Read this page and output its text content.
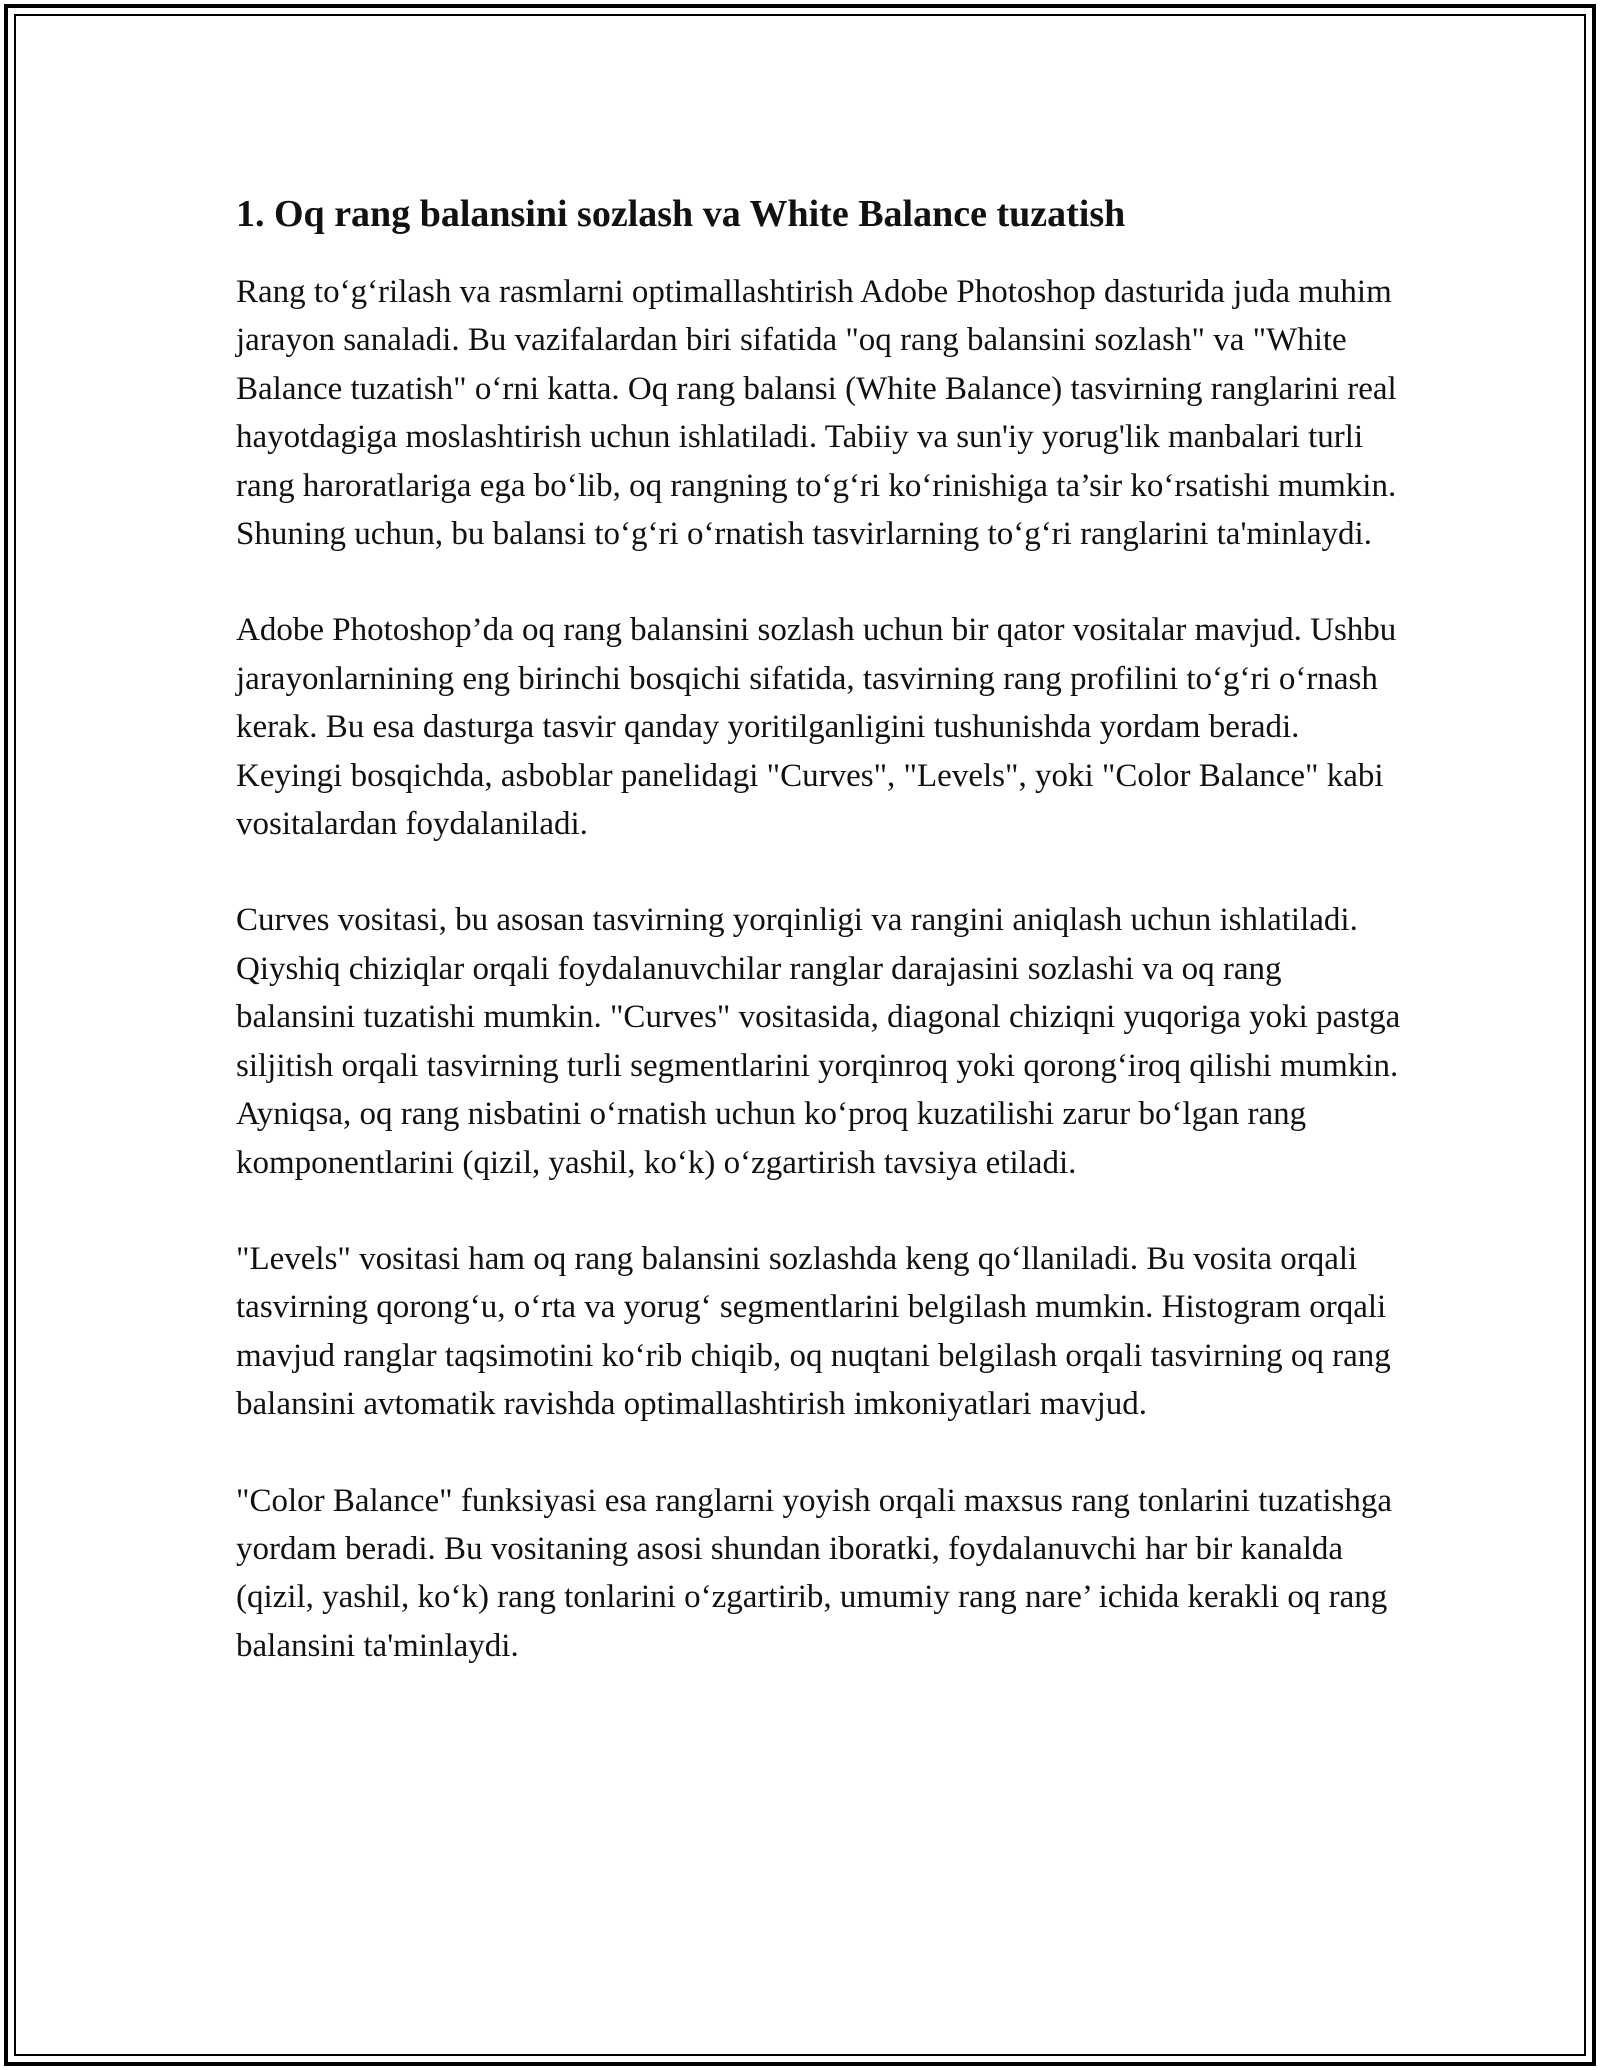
1. Oq rang balansini sozlash va White Balance tuzatish

Rang to‘g‘rilash va rasmlarni optimallashtirish Adobe Photoshop dasturida juda muhim jarayon sanaladi. Bu vazifalardan biri sifatida "oq rang balansini sozlash" va "White Balance tuzatish" o‘rni katta. Oq rang balansi (White Balance) tasvirning ranglarini real hayotdagiga moslashtirish uchun ishlatiladi. Tabiiy va sun'iy yorug'lik manbalari turli rang haroratlariga ega bo‘lib, oq rangning to‘g‘ri ko‘rinishiga ta’sir ko‘rsatishi mumkin. Shuning uchun, bu balansi to‘g‘ri o‘rnatish tasvirlarning to‘g‘ri ranglarini ta'minlaydi.

Adobe Photoshop’da oq rang balansini sozlash uchun bir qator vositalar mavjud. Ushbu jarayonlarnining eng birinchi bosqichi sifatida, tasvirning rang profilini to‘g‘ri o‘rnash kerak. Bu esa dasturga tasvir qanday yoritilganligini tushunishda yordam beradi. Keyingi bosqichda, asboblar panelidagi "Curves", "Levels", yoki "Color Balance" kabi vositalardan foydalaniladi.

Curves vositasi, bu asosan tasvirning yorqinligi va rangini aniqlash uchun ishlatiladi. Qiyshiq chiziqlar orqali foydalanuvchilar ranglar darajasini sozlashi va oq rang balansini tuzatishi mumkin. "Curves" vositasida, diagonal chiziqni yuqoriga yoki pastga siljitish orqali tasvirning turli segmentlarini yorqinroq yoki qorong‘iroq qilishi mumkin. Ayniqsa, oq rang nisbatini o‘rnatish uchun ko‘proq kuzatilishi zarur bo‘lgan rang komponentlarini (qizil, yashil, ko‘k) o‘zgartirish tavsiya etiladi.

"Levels" vositasi ham oq rang balansini sozlashda keng qo‘llaniladi. Bu vosita orqali tasvirning qorong‘u, o‘rta va yorug‘ segmentlarini belgilash mumkin. Histogram orqali mavjud ranglar taqsimotini ko‘rib chiqib, oq nuqtani belgilash orqali tasvirning oq rang balansini avtomatik ravishda optimallashtirish imkoniyatlari mavjud.

"Color Balance" funksiyasi esa ranglarni yoyish orqali maxsus rang tonlarini tuzatishga yordam beradi. Bu vositaning asosi shundan iboratki, foydalanuvchi har bir kanalda (qizil, yashil, ko‘k) rang tonlarini o‘zgartirib, umumiy rang nare’ ichida kerakli oq rang balansini ta'minlaydi.
